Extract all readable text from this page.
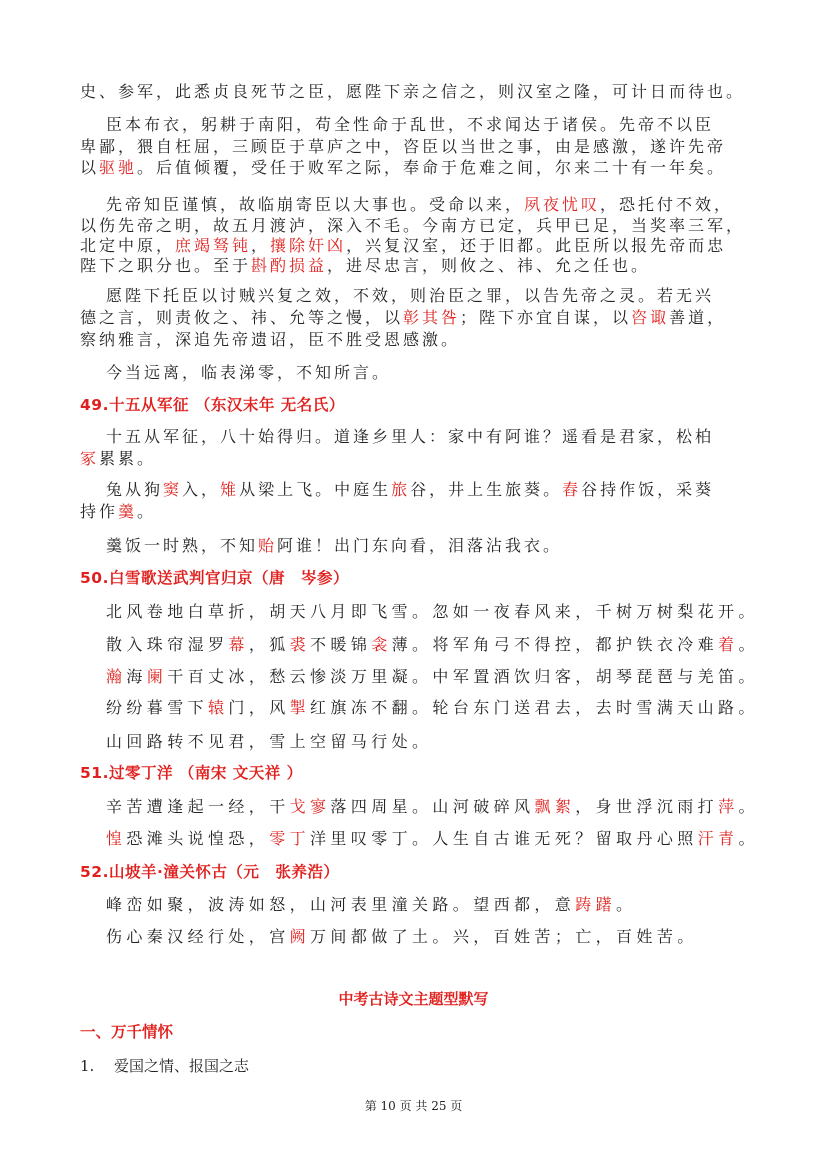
史、参军，此悉贞良死节之臣，愿陛下亲之信之，则汉室之隆，可计日而待也。
臣本布衣，躬耕于南阳，苟全性命于乱世，不求闻达于诸侯。先帝不以臣
卑鄙，猥自枉屈，三顾臣于草庐之中，咨臣以当世之事，由是感激，遂许先帝
以驱驰。后值倾覆，受任于败军之际，奉命于危难之间，尔来二十有一年矣。
先帝知臣谨慎，故临崩寄臣以大事也。受命以来，夙夜忧叹，恐托付不效，
以伤先帝之明，故五月渡泸，深入不毛。今南方已定，兵甲已足，当奖率三军，
北定中原，庶竭驽钝，攘除奸凶，兴复汉室，还于旧都。此臣所以报先帝而忠
陛下之职分也。至于斟酌损益，进尽忠言，则攸之、祎、允之任也。
愿陛下托臣以讨贼兴复之效，不效，则治臣之罪，以告先帝之灵。若无兴
德之言，则责攸之、祎、允等之慢，以彰其咎；陛下亦宜自谋，以咨诹善道，
察纳雅言，深追先帝遗诏，臣不胜受恩感激。
今当远离，临表涕零，不知所言。
49.十五从军征 （东汉末年 无名氏）
十五从军征，八十始得归。道逢乡里人：家中有阿谁？遥看是君家，松柏
冢累累。
兔从狗窦入，雉从梁上飞。中庭生旅谷，井上生旅葵。舂谷持作饭，采葵
持作羹。
羹饭一时熟，不知贻阿谁！出门东向看，泪落沾我衣。
50.白雪歌送武判官归京（唐　岑参）
北风卷地白草折，胡天八月即飞雪。忽如一夜春风来，千树万树梨花开。
散入珠帘湿罗幕，狐裘不暖锦衾薄。将军角弓不得控，都护铁衣冷难着。
瀚海阑干百丈冰，愁云惨淡万里凝。中军置酒饮归客，胡琴琵琶与羌笛。
纷纷暮雪下辕门，风掣红旗冻不翻。轮台东门送君去，去时雪满天山路。
山回路转不见君，雪上空留马行处。
51.过零丁洋 （南宋 文天祥 ）
辛苦遭逢起一经，干戈寥落四周星。山河破碎风飘絮，身世浮沉雨打萍。
惶恐滩头说惶恐，零丁洋里叹零丁。人生自古谁无死？留取丹心照汗青。
52.山坡羊·潼关怀古（元　张养浩）
峰峦如聚，波涛如怒，山河表里潼关路。望西都，意踌躇。
伤心秦汉经行处，宫阙万间都做了土。兴，百姓苦；亡，百姓苦。
中考古诗文主题型默写
一、万千情怀
1. 爱国之情、报国之志
第 10 页 共 25 页
